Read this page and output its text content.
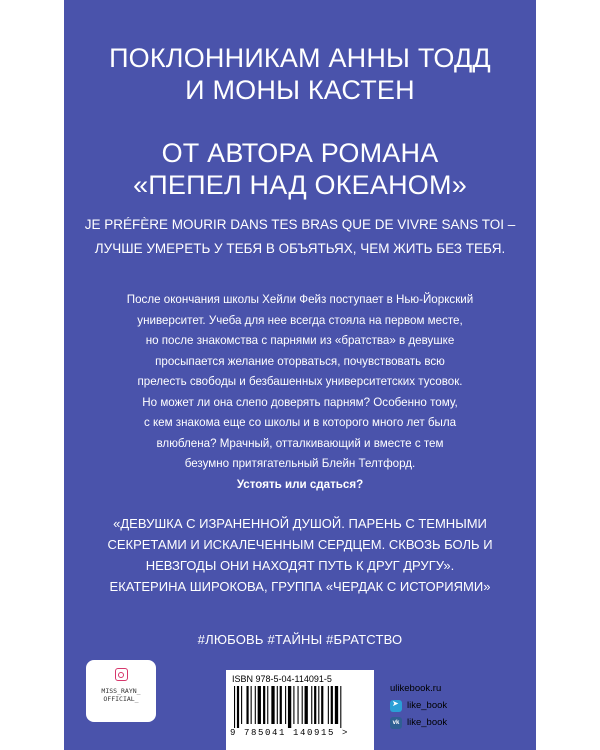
ПОКЛОННИКАМ АННЫ ТОДД
И МОНЫ КАСТЕН
ОТ АВТОРА РОМАНА
«ПЕПЕЛ НАД ОКЕАНОМ»
JE PRÉFÈRE MOURIR DANS TES BRAS QUE DE VIVRE SANS TOI –
ЛУЧШЕ УМЕРЕТЬ У ТЕБЯ В ОБЪЯТЬЯХ, ЧЕМ ЖИТЬ БЕЗ ТЕБЯ.
После окончания школы Хейли Фейз поступает в Нью-Йоркский
университет. Учеба для нее всегда стояла на первом месте,
но после знакомства с парнями из «братства» в девушке
просыпается желание оторваться, почувствовать всю
прелесть свободы и безбашенных университетских тусовок.
Но может ли она слепо доверять парням? Особенно тому,
с кем знакома еще со школы и в которого много лет была
влюблена? Мрачный, отталкивающий и вместе с тем
безумно притягательный Блейн Телтфорд.
Устоять или сдаться?
«ДЕВУШКА С ИЗРАНЕННОЙ ДУШОЙ. ПАРЕНЬ С ТЕМНЫМИ
СЕКРЕТАМИ И ИСКАЛЕЧЕННЫМ СЕРДЦЕМ. СКВОЗЬ БОЛЬ И
НЕВЗГОДЫ ОНИ НАХОДЯТ ПУТЬ К ДРУГ ДРУГУ».
ЕКАТЕРИНА ШИРОКОВА, ГРУППА «ЧЕРДАК С ИСТОРИЯМИ»
#ЛЮБОВЬ #ТАЙНЫ #БРАТСТВО
MISS_RAYN_
OFFICIAL_
ISBN 978-5-04-114091-5
9 785041 140915 >
ulikebook.ru
➤
like_book
vk like_book
